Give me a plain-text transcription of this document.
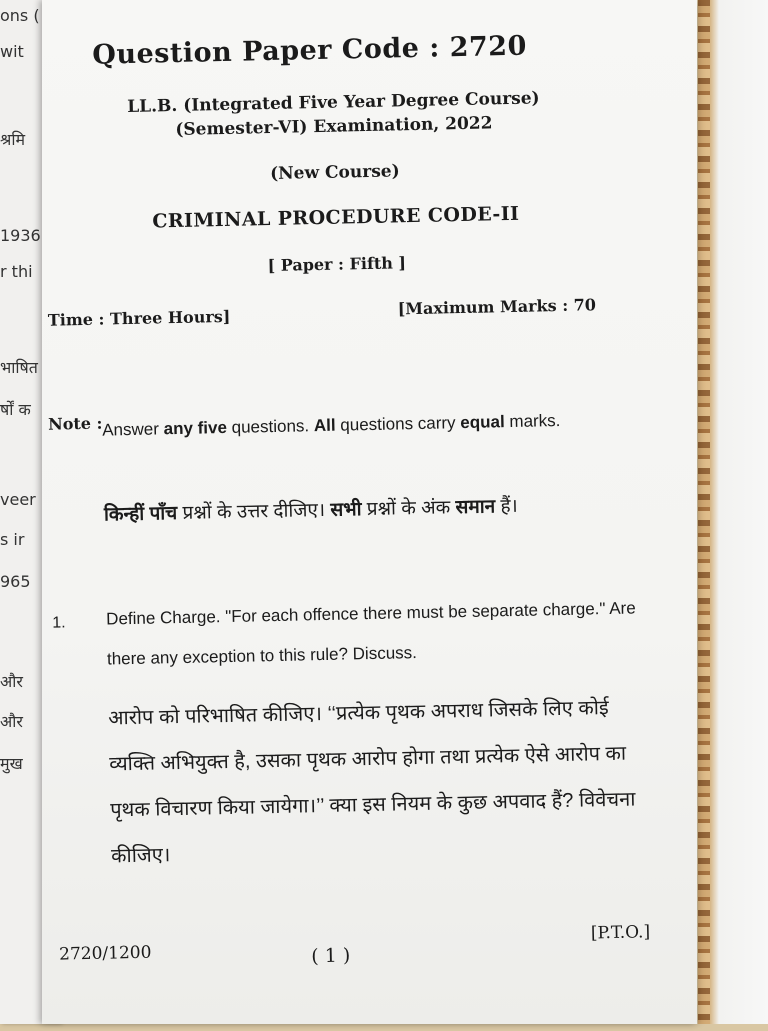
ons (
wit
श्रमि
1936
r thi
भाषित
र्षों क
veer
s ir
965
और
और
मुख
Question Paper Code : 2720
LL.B. (Integrated Five Year Degree Course)
(Semester-VI) Examination, 2022
(New Course)
CRIMINAL PROCEDURE CODE-II
[ Paper : Fifth ]
Time : Three Hours]	[Maximum Marks : 70
Note : Answer any five questions. All questions carry equal marks.
किन्हीं पाँच प्रश्नों के उत्तर दीजिए। सभी प्रश्नों के अंक समान हैं।
1. Define Charge. "For each offence there must be separate charge." Are there any exception to this rule? Discuss.
आरोप को परिभाषित कीजिए। ‘‘प्रत्येक पृथक अपराध जिसके लिए कोई व्यक्ति अभियुक्त है, उसका पृथक आरोप होगा तथा प्रत्येक ऐसे आरोप का पृथक विचारण किया जायेगा।’’ क्या इस नियम के कुछ अपवाद हैं? विवेचना कीजिए।
2720/1200	( 1 )
[P.T.O.]
